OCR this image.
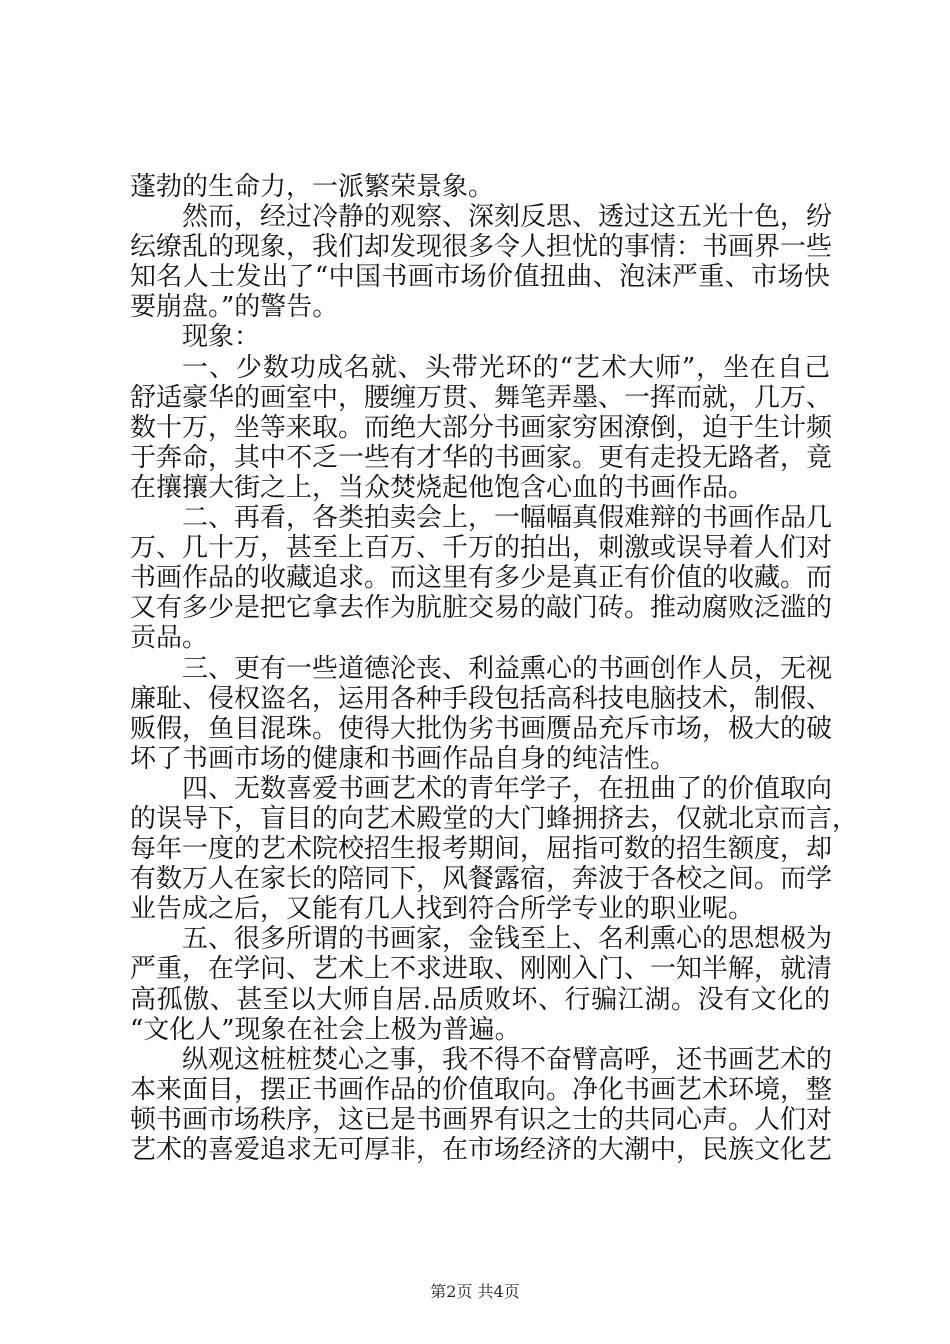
蓬勃的生命力，一派繁荣景象。
然而，经过冷静的观察、深刻反思、透过这五光十色，纷
纭缭乱的现象，我们却发现很多令人担忧的事情：书画界一些
知名人士发出了“中国书画市场价值扭曲、泡沫严重、市场快
要崩盘。”的警告。
现象：
一、少数功成名就、头带光环的“艺术大师”，坐在自己
舒适豪华的画室中，腰缠万贯、舞笔弄墨、一挥而就，几万、
数十万，坐等来取。而绝大部分书画家穷困潦倒，迫于生计频
于奔命，其中不乏一些有才华的书画家。更有走投无路者，竟
在攘攘大街之上，当众焚烧起他饱含心血的书画作品。
二、再看，各类拍卖会上，一幅幅真假难辩的书画作品几
万、几十万，甚至上百万、千万的拍出，刺激或误导着人们对
书画作品的收藏追求。而这里有多少是真正有价值的收藏。而
又有多少是把它拿去作为肮脏交易的敲门砖。推动腐败泛滥的
贡品。
三、更有一些道德沦丧、利益熏心的书画创作人员，无视
廉耻、侵权盗名，运用各种手段包括高科技电脑技术，制假、
贩假，鱼目混珠。使得大批伪劣书画赝品充斥市场，极大的破
坏了书画市场的健康和书画作品自身的纯洁性。
四、无数喜爱书画艺术的青年学子，在扭曲了的价值取向
的误导下，盲目的向艺术殿堂的大门蜂拥挤去，仅就北京而言，
每年一度的艺术院校招生报考期间，屈指可数的招生额度，却
有数万人在家长的陪同下，风餐露宿，奔波于各校之间。而学
业告成之后，又能有几人找到符合所学专业的职业呢。
五、很多所谓的书画家，金钱至上、名利熏心的思想极为
严重，在学问、艺术上不求进取、刚刚入门、一知半解，就清
高孤傲、甚至以大师自居.品质败坏、行骗江湖。没有文化的
“文化人”现象在社会上极为普遍。
纵观这桩桩焚心之事，我不得不奋臂高呼，还书画艺术的
本来面目，摆正书画作品的价值取向。净化书画艺术环境，整
顿书画市场秩序，这已是书画界有识之士的共同心声。人们对
艺术的喜爱追求无可厚非，在市场经济的大潮中，民族文化艺
第2页 共4页
